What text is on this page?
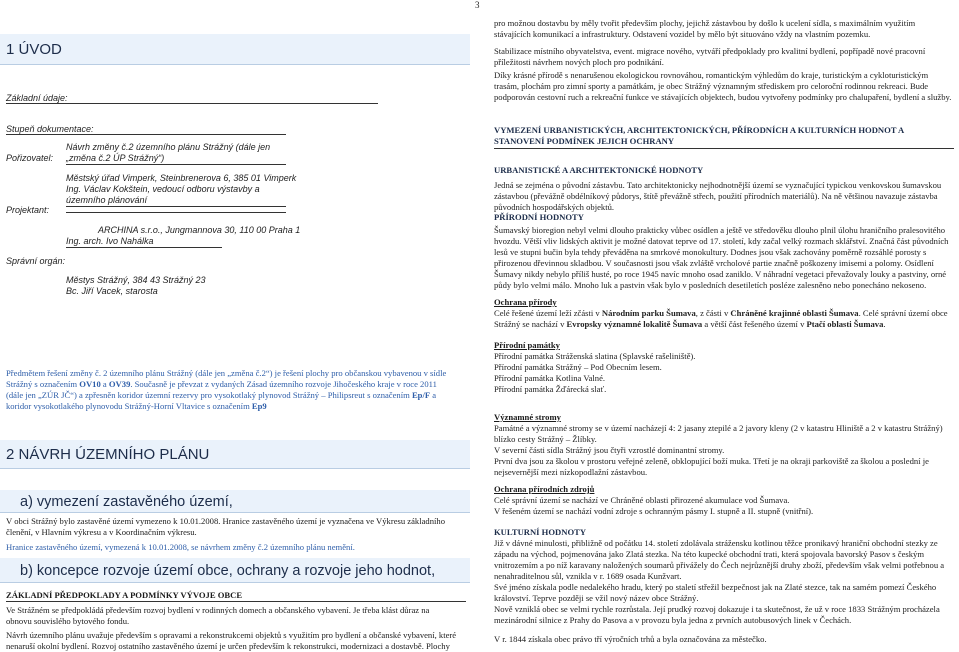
3
1 ÚVOD
Základní údaje:
Stupeň dokumentace:
Návrh změny č.2 územního plánu Strážný (dále jen „změna č.2 ÚP Strážný“)
Pořizovatel:
Městský úřad Vimperk, Steinbrenerova 6, 385 01 Vimperk
Ing. Václav Kokštein, vedoucí odboru výstavby a územního plánování
Projektant:
ARCHINA s.r.o., Jungmannova 30, 110 00 Praha 1
Ing. arch. Ivo Nahálka
Správní orgán:
Městys Strážný, 384 43 Strážný 23
Bc. Jiří Vacek, starosta
Předmětem řešení změny č. 2 územního plánu Strážný (dále jen „změna č.2“) je řešení plochy pro občanskou vybavenou v sídle
Strážný s označením OV10 a OV39. Současně je převzat z vydaných Zásad územního rozvoje Jihočeského kraje v roce 2011
(dále jen „ZÚR JČ“) a zpřesněn koridor územní rezervy pro vysokotlaký plynovod Strážný – Philipsreut s označením Ep/F a
koridor vysokotlakého plynovodu Strážný-Horní Vltavice s označením Ep9
2 NÁVRH ÚZEMNÍHO PLÁNU
a) vymezení zastavěného území,
V obci Strážný bylo zastavěné území vymezeno k 10.01.2008. Hranice zastavěného území je vyznačena ve Výkresu základního
členění, v Hlavním výkresu a v Koordinačním výkresu.
Hranice zastavěného území, vymezená k 10.01.2008, se návrhem změny č.2 územního plánu nemění.
b) koncepce rozvoje území obce, ochrany a rozvoje jeho hodnot,
ZÁKLADNÍ PŘEDPOKLADY A PODMÍNKY VÝVOJE OBCE
Ve Strážném se předpokládá především rozvoj bydlení v rodinných domech a občanského vybavení. Je třeba klást důraz na
obnovu souvislého bytového fondu.
Návrh územního plánu uvažuje především s opravami a rekonstrukcemi objektů s využitím pro bydlení a občanské vybavení, které
nenaruší okolní bydlení. Rozvoj ostatního zastavěného území je určen především k rekonstrukci, modernizaci a dostavbě. Plochy
pro možnou dostavbu by měly tvořit především plochy, jejichž zástavbou by došlo k ucelení sídla, s maximálním využitím stávajících komunikací a infrastruktury. Odstavení vozidel by mělo být situováno vždy na vlastním pozemku.
Stabilizace místního obyvatelstva, event. migrace nového, vytváří předpoklady pro kvalitní bydlení, popřípadě nové pracovní příležitosti návrhem nových ploch pro podnikání.
Díky krásné přírodě s nenarušenou ekologickou rovnováhou, romantickým výhledům do kraje, turistickým a cykloturistickým trasám, plochám pro zimní sporty a památkám, je obec Strážný významným střediskem pro celoroční rodinnou rekreaci. Bude podporován cestovní ruch a rekreační funkce ve stávajících objektech, budou vytvořeny podmínky pro chalupaření, bydlení a služby.
VYMEZENÍ URBANISTICKÝCH, ARCHITEKTONICKÝCH, PŘÍRODNÍCH A KULTURNÍCH HODNOT A STANOVENÍ PODMÍNEK JEJICH OCHRANY
URBANISTICKÉ A ARCHITEKTONICKÉ HODNOTY
Jedná se zejména o původní zástavbu. Tato architektonicky nejhodnotnější území se vyznačující typickou venkovskou šumavskou zástavbou (převážně obdélníkový půdorys, štítě převážně střech, použití přírodních materiálů). Na ně většinou navazuje zástavba původních hospodářských objektů.
PŘÍRODNÍ HODNOTY
Šumavský bioregion nebyl velmi dlouho prakticky vůbec osídlen a ještě ve středověku dlouho plnil úlohu hraničního pralesovitého hvozdu. Větší vliv lidských aktivit je možné datovat teprve od 17. století, kdy začal velký rozmach sklářství. Značná část původních lesů ve stupni bučin byla tehdy převáděna na smrkové monokultury. Dodnes jsou však zachovány poměrně rozsáhlé porosty s přirozenou dřevinnou skladbou. V současnosti jsou však zvláště vrcholové partie značně poškozeny imisemi a polomy. Osídlení Šumavy nikdy nebylo příliš husté, po roce 1945 navíc mnoho osad zaniklo. V náhradní vegetaci převažovaly louky a pastviny, orné půdy bylo velmi málo. Mnoho luk a pastvin však bylo v posledních desetiletích posléze zalesněno nebo ponecháno nekoseno.
Ochrana přírody
Celé řešené území leží zčásti v Národním parku Šumava, z části v Chráněné krajinné oblasti Šumava. Celé správní území obce Strážný se nachází v Evropsky významné lokalitě Šumava a větší část řešeného území v Ptačí oblasti Šumava.
Přírodní památky
Přírodní památka Stráženská slatina (Splavské rašeliniště).
Přírodní památka Strážný – Pod Obecním lesem.
Přírodní památka Kotlina Valné.
Přírodní památka Žďárecká slať.
Významné stromy
Památné a významné stromy se v území nacházejí 4: 2 jasany ztepilé a 2 javory kleny (2 v katastru Hliniště a 2 v katastru Strážný) blízko cesty Strážný – Žlíbky.
V severní části sídla Strážný jsou čtyři vzrostlé dominantní stromy.
První dva jsou za školou v prostoru veřejné zeleně, obklopující boží muka. Třetí je na okraji parkoviště za školou a poslední je nejsevernější mezi nízkopodlažní zástavbou.
Ochrana přírodních zdrojů
Celé správní území se nachází ve Chráněné oblasti přirozené akumulace vod Šumava.
V řešeném území se nachází vodní zdroje s ochranným pásmy I. stupně a II. stupně (vnitřní).
KULTURNÍ HODNOTY
Již v dávné minulosti, přibližně od počátku 14. století zdolávala strážensku kotlinou těžce pronikavý hraniční obchodní stezky ze západu na východ, pojmenována jako Zlatá stezka. Na této kupecké obchodní trati, která spojovala bavorský Pasov s českým vnitrozemím a po níž karavany naložených soumarů přivážely do Čech nejrůznější druhy zboží, především však velmi potřebnou a nenahraditelnou sůl, vznikla v r. 1689 osada Kunžvart.
Své jméno získala podle nedalekého hradu, který po staletí střežil bezpečnost jak na Zlaté stezce, tak na samém pomezí Českého království. Teprve později se vžil nový název obce Strážný.
Nově vzniklá obec se velmi rychle rozrůstala. Její prudký rozvoj dokazuje i ta skutečnost, že už v roce 1833 Strážným procházela mezinárodní silnice z Prahy do Pasova a v provozu byla jedna z prvních autobusových linek v Čechách.
V r. 1844 získala obec právo tří výročních trhů a byla označována za městečko.
